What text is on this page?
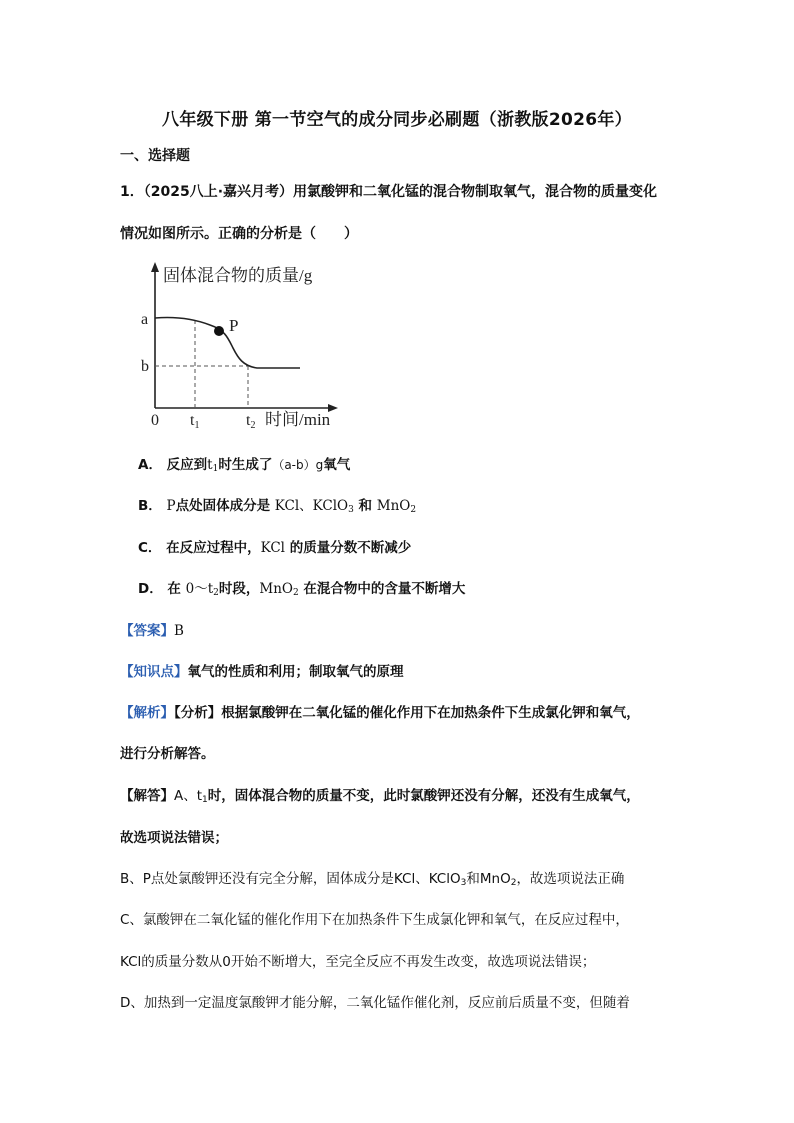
八年级下册 第一节空气的成分同步必刷题（浙教版2026年）
一、选择题
1．（2025八上·嘉兴月考）用氯酸钾和二氧化锰的混合物制取氧气，混合物的质量变化
情况如图所示。正确的分析是（　　）
P
a
b
0 t1	t2 时间/min
固体混合物的质量/g
A． 反应到$t_1$时生成了（a-b）g氧气
B． P点处固体成分是 KCl、KClO$_3$ 和 MnO$_2$
C． 在反应过程中，KCl 的质量分数不断减少
D． 在 $0\sim t_2$时段，MnO$_2$ 在混合物中的含量不断增大
【答案】B
【知识点】氧气的性质和利用；制取氧气的原理
【解析】【分析】根据氯酸钾在二氧化锰的催化作用下在加热条件下生成氯化钾和氧气，
进行分析解答。
【解答】A、$t_1$时，固体混合物的质量不变，此时氯酸钾还没有分解，还没有生成氧气，
故选项说法错误；
B、P点处氯酸钾还没有完全分解，固体成分是KCl、KClO$_3$和MnO$_2$，故选项说法正确
C、氯酸钾在二氧化锰的催化作用下在加热条件下生成氯化钾和氧气，在反应过程中，
KCl的质量分数从0开始不断增大，至完全反应不再发生改变，故选项说法错误；
D、加热到一定温度氯酸钾才能分解，二氧化锰作催化剂，反应前后质量不变，但随着
